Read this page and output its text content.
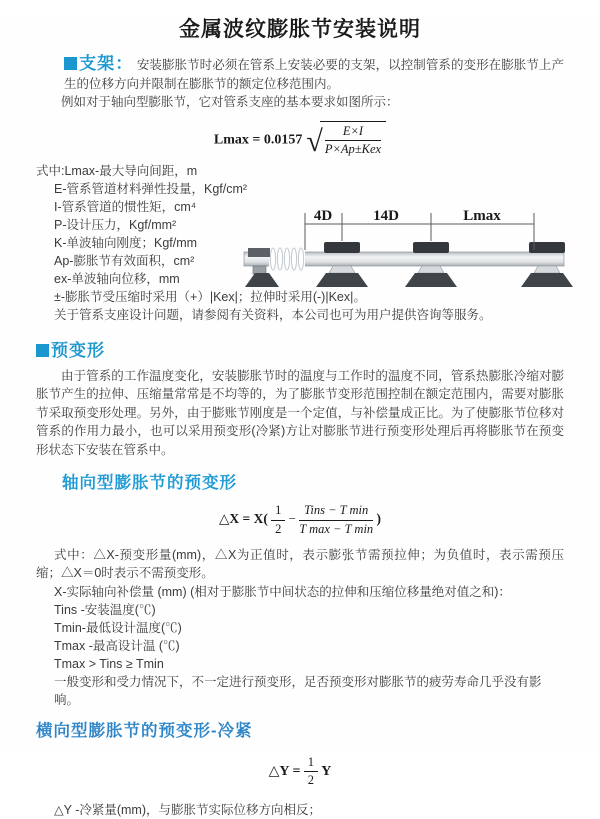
金属波纹膨胀节安装说明

支架： 安装膨胀节时必须在管系上安装必要的支架，以控制管系的变形在膨胀节上产生的位移方向并限制在膨胀节的额定位移范围内。

例如对于轴向型膨胀节，它对管系支座的基本要求如图所示：

Lmax = 0.0157 √ $\frac{E\times I}{\text{P×Ap±Kex}}$

式中:Lmax-最大导向间距，m

E-管系管道材料弹性投量，Kgf/cm²

I-管系管道的惯性矩，cm⁴

P-设计压力，Kgf/mm²

K-单波轴向刚度；Kgf/mm

Ap-膨胀节有效面积，cm²

ex-单波轴向位移，mm

±-膨胀节受压缩时采用（+）|Kex|；拉伸时采用(-)|Kex|。

关于管系支座设计问题，请参阅有关资料，本公司也可为用户提供咨询等服务。

预变形

由于管系的工作温度变化，安装膨胀节时的温度与工作时的温度不同，管系热膨胀冷缩对膨胀节产生的拉伸、压缩量常常是不均等的，为了膨胀节变形范围控制在额定范围内，需要对膨胀节采取预变形处理。另外，由于膨账节刚度是一个定值，与补偿量成正比。为了使膨胀节位移对管系的作用力最小，也可以采用预变形(冷紧)方让对膨胀节进行预变形处理后再将膨胀节在预变形状态下安装在管系中。

轴向型膨胀节的预变形
△X = $X( \frac{1}{2} - \frac{\text{Tins − T min}}{\text{T max − T min}}$ )

式中：△X-预变形量(mm)，△X为正值时，表示膨张节需预拉伸；为负值时，表示需预压缩；△X＝0时表示不需预变形。

X-实际轴向补偿量 (mm) (相对于膨胀节中间状态的拉伸和压缩位移量绝对值之和)：

Tins -安装温度(℃)

Tmin-最低设计温度(℃)

Tmax -最高设计温 (℃)

Tmax > Tins ≥ Tmin

一般变形和受力情况下，不一定进行预变形，足否预变形对膨胀节的疲劳寿命几乎没有影响。

横向型膨胀节的预变形-冷紧
△Y = $\frac{1}{2}$ Y

△Y -冷紧量(mm)，与膨胀节实际位移方向相反；

4D	14D	Lmax
